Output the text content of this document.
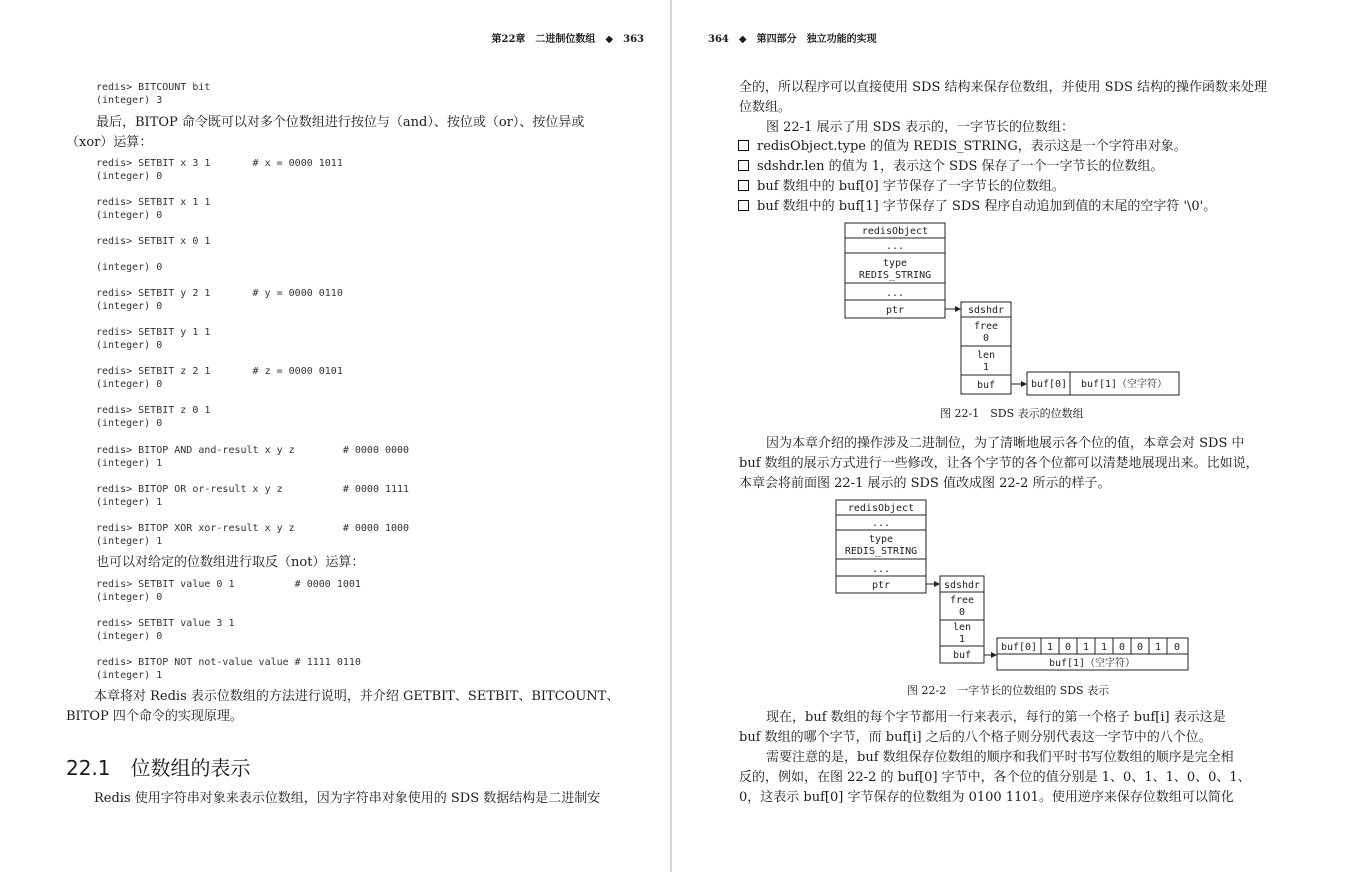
第22章　二进制位数组　◆　363
redis> BITCOUNT bit
(integer) 3
最后，BITOP 命令既可以对多个位数组进行按位与（and）、按位或（or）、按位异或
（xor）运算：
redis> SETBIT x 3 1       # x = 0000 1011
(integer) 0
redis> SETBIT x 1 1
(integer) 0
redis> SETBIT x 0 1
(integer) 0
redis> SETBIT y 2 1       # y = 0000 0110
(integer) 0
redis> SETBIT y 1 1
(integer) 0
redis> SETBIT z 2 1       # z = 0000 0101
(integer) 0
redis> SETBIT z 0 1
(integer) 0
redis> BITOP AND and-result x y z        # 0000 0000
(integer) 1
redis> BITOP OR or-result x y z          # 0000 1111
(integer) 1
redis> BITOP XOR xor-result x y z        # 0000 1000
(integer) 1
也可以对给定的位数组进行取反（not）运算：
redis> SETBIT value 0 1          # 0000 1001
(integer) 0
redis> SETBIT value 3 1
(integer) 0
redis> BITOP NOT not-value value # 1111 0110
(integer) 1
本章将对 Redis 表示位数组的方法进行说明，并介绍 GETBIT、SETBIT、BITCOUNT、
BITOP 四个命令的实现原理。
22.1　位数组的表示
Redis 使用字符串对象来表示位数组，因为字符串对象使用的 SDS 数据结构是二进制安
364　◆　第四部分　独立功能的实现
全的，所以程序可以直接使用 SDS 结构来保存位数组，并使用 SDS 结构的操作函数来处理
位数组。
图 22-1 展示了用 SDS 表示的，一字节长的位数组：
redisObject.type 的值为 REDIS_STRING，表示这是一个字符串对象。
sdshdr.len 的值为 1，表示这个 SDS 保存了一个一字节长的位数组。
buf 数组中的 buf[0] 字节保存了一字节长的位数组。
buf 数组中的 buf[1] 字节保存了 SDS 程序自动追加到值的末尾的空字符 '\0'。
redisObject
...
type
REDIS_STRING
...
ptr	sdshdr
free
0
len
1
buf	buf[0] buf[1]（空字符）
图 22-1　SDS 表示的位数组
因为本章介绍的操作涉及二进制位，为了清晰地展示各个位的值，本章会对 SDS 中
buf 数组的展示方式进行一些修改，让各个字节的各个位都可以清楚地展现出来。比如说，
本章会将前面图 22-1 展示的 SDS 值改成图 22-2 所示的样子。
redisObject
...
type
REDIS_STRING
...
ptr	sdshdr
free
0
len
1
buf
buf[0] 1 0 1 1 0 0 1 0
buf[1]（空字符）
图 22-2　一字节长的位数组的 SDS 表示
现在，buf 数组的每个字节都用一行来表示，每行的第一个格子 buf[i] 表示这是
buf 数组的哪个字节，而 buf[i] 之后的八个格子则分别代表这一字节中的八个位。
需要注意的是，buf 数组保存位数组的顺序和我们平时书写位数组的顺序是完全相
反的，例如，在图 22-2 的 buf[0] 字节中，各个位的值分别是 1、0、1、1、0、0、1、
0，这表示 buf[0] 字节保存的位数组为 0100 1101。使用逆序来保存位数组可以简化
